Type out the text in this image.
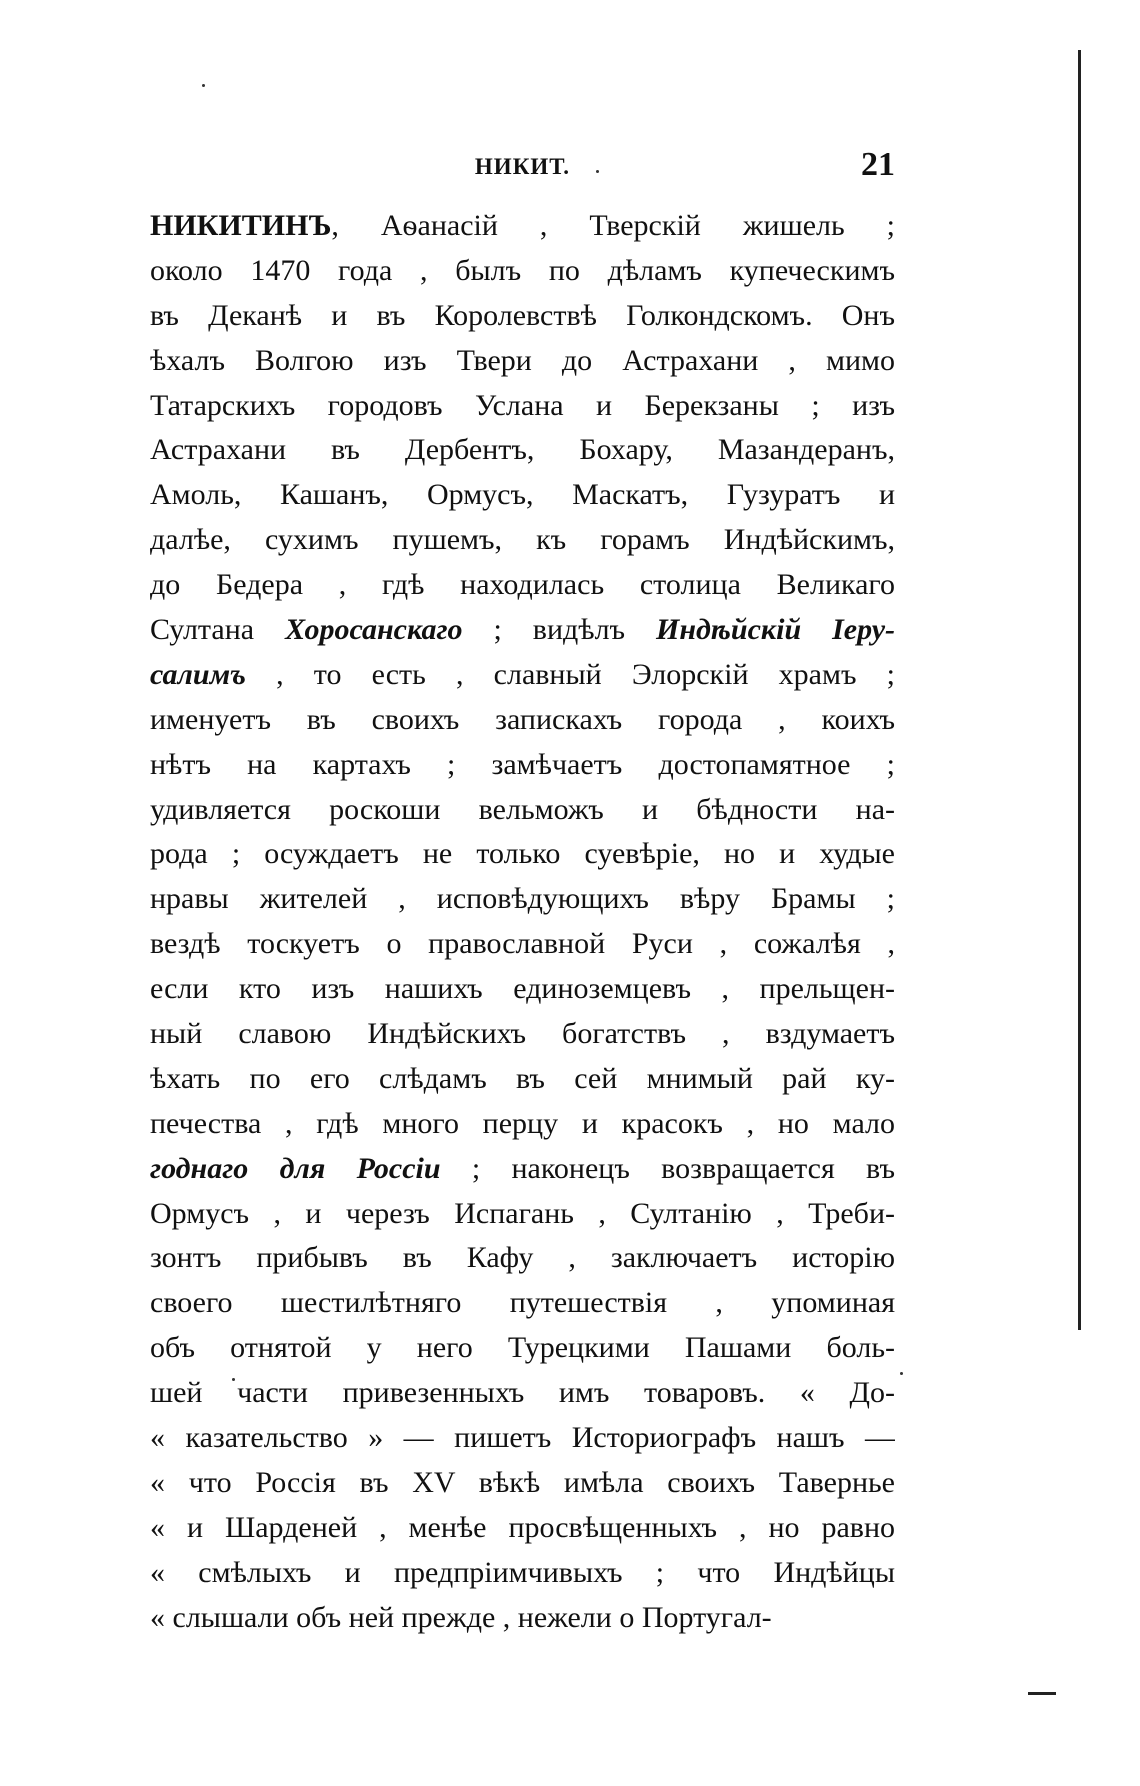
НИКИТ.	21
НИКИТИНЪ, Аѳанасій , Тверскій жишель ;
около 1470 года , былъ по дѣламъ купеческимъ
въ Деканѣ и въ Королевствѣ Голкондскомъ. Онъ
ѣхалъ Волгою изъ Твери до Астрахани , мимо
Татарскихъ городовъ Услана и Берекзаны ; изъ
Астрахани въ Дербентъ, Бохару, Мазандеранъ,
Амоль, Кашанъ, Ормусъ, Маскатъ, Гузуратъ и
далѣе, сухимъ пушемъ, къ горамъ Индѣйскимъ,
до Бедера , гдѣ находилась столица Великаго
Султана Хоросанскаго ; видѣлъ Индѣйскій Іеру-
салимъ , то есть , славный Элорскій храмъ ;
именуетъ въ своихъ запискахъ города , коихъ
нѣтъ на картахъ ; замѣчаетъ достопамятное ;
удивляется роскоши вельможъ и бѣдности на-
рода ; осуждаетъ не только суевѣріе, но и худые
нравы жителей , исповѣдующихъ вѣру Брамы ;
вездѣ тоскуетъ о православной Руси , сожалѣя ,
если кто изъ нашихъ единоземцевъ , прельщен-
ный славою Индѣйскихъ богатствъ , вздумаетъ
ѣхать по его слѣдамъ въ сей мнимый рай ку-
печества , гдѣ много перцу и красокъ , но мало
годнаго для Россіи ; наконецъ возвращается въ
Ормусъ , и черезъ Испагань , Султанію , Треби-
зонтъ прибывъ въ Кафу , заключаетъ исторію
своего шестилѣтняго путешествія , упоминая
объ отнятой у него Турецкими Пашами боль-
шей части привезенныхъ имъ товаровъ. « До-
« казательство » — пишетъ Историографъ нашъ —
« что Россія въ XV вѣкѣ имѣла своихъ Тавернье
« и Шарденей , менѣе просвѣщенныхъ , но равно
« смѣлыхъ и предпріимчивыхъ ; что Индѣйцы
« слышали объ ней прежде , нежели о Португал-
